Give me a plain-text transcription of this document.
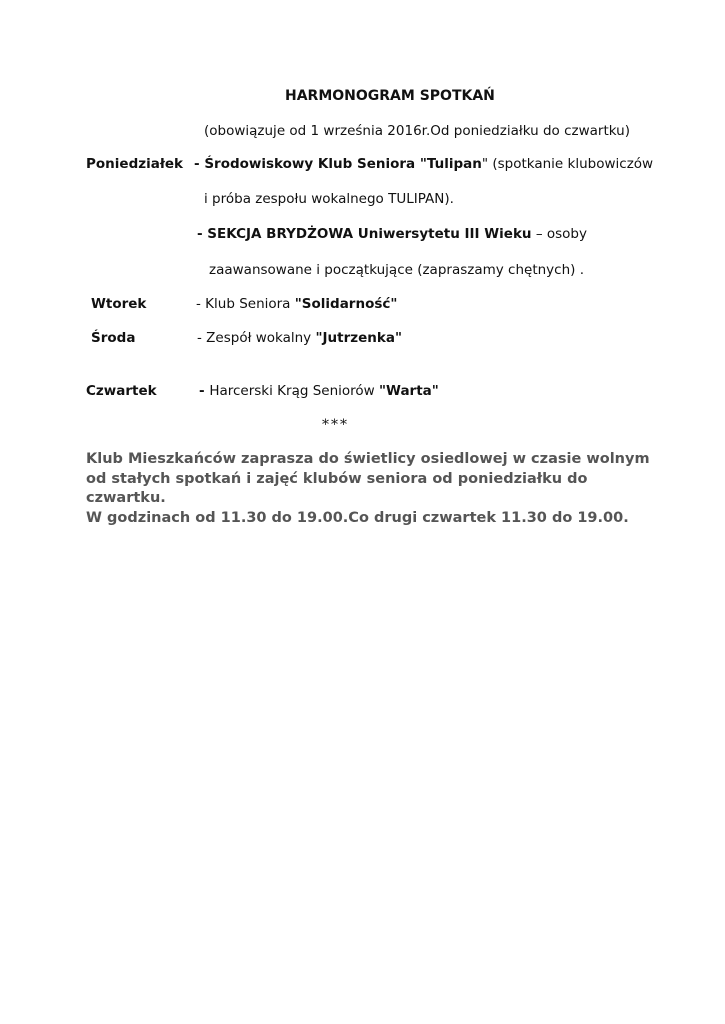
HARMONOGRAM SPOTKAŃ
(obowiązuje od 1 września 2016r.Od poniedziałku do czwartku)
Poniedziałek - Środowiskowy Klub Seniora "Tulipan" (spotkanie klubowiczów
i próba zespołu wokalnego TULIPAN).
- SEKCJA BRYDŻOWA Uniwersytetu III Wieku – osoby
zaawansowane i początkujące (zapraszamy chętnych) .
Wtorek	- Klub Seniora "Solidarność"
Środa	- Zespół wokalny "Jutrzenka"
Czwartek	- Harcerski Krąg Seniorów "Warta"
***

Klub Mieszkańców zaprasza do świetlicy osiedlowej w czasie wolnym od stałych spotkań i zajęć klubów seniora od poniedziałku do czwartku.

W godzinach od 11.30 do 19.00.Co drugi czwartek 11.30 do 19.00.
